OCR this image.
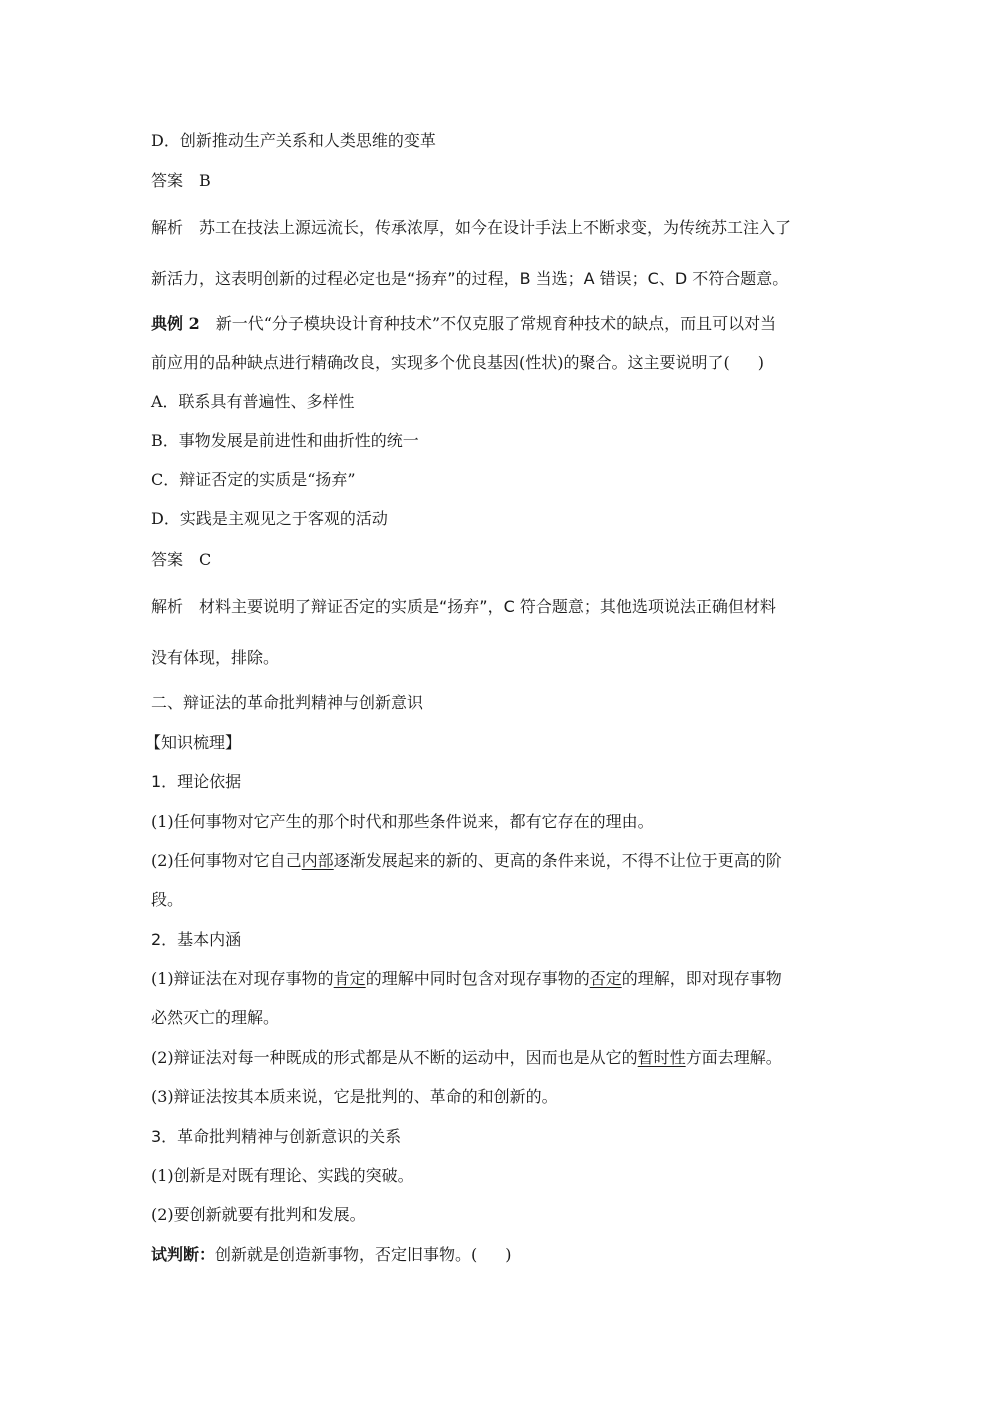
D．创新推动生产关系和人类思维的变革
答案 B
解析 苏工在技法上源远流长，传承浓厚，如今在设计手法上不断求变，为传统苏工注入了
新活力，这表明创新的过程必定也是“扬弃”的过程，B 当选；A 错误；C、D 不符合题意。
典例 2 新一代“分子模块设计育种技术”不仅克服了常规育种技术的缺点，而且可以对当
前应用的品种缺点进行精确改良，实现多个优良基因(性状)的聚合。这主要说明了( )
A．联系具有普遍性、多样性
B．事物发展是前进性和曲折性的统一
C．辩证否定的实质是“扬弃”
D．实践是主观见之于客观的活动
答案 C
解析 材料主要说明了辩证否定的实质是“扬弃”，C 符合题意；其他选项说法正确但材料
没有体现，排除。
二、辩证法的革命批判精神与创新意识
【知识梳理】
1．理论依据
(1)任何事物对它产生的那个时代和那些条件说来，都有它存在的理由。
(2)任何事物对它自己内部逐渐发展起来的新的、更高的条件来说，不得不让位于更高的阶
段。
2．基本内涵
(1)辩证法在对现存事物的肯定的理解中同时包含对现存事物的否定的理解，即对现存事物
必然灭亡的理解。
(2)辩证法对每一种既成的形式都是从不断的运动中，因而也是从它的暂时性方面去理解。
(3)辩证法按其本质来说，它是批判的、革命的和创新的。
3．革命批判精神与创新意识的关系
(1)创新是对既有理论、实践的突破。
(2)要创新就要有批判和发展。
试判断：创新就是创造新事物，否定旧事物。( )
